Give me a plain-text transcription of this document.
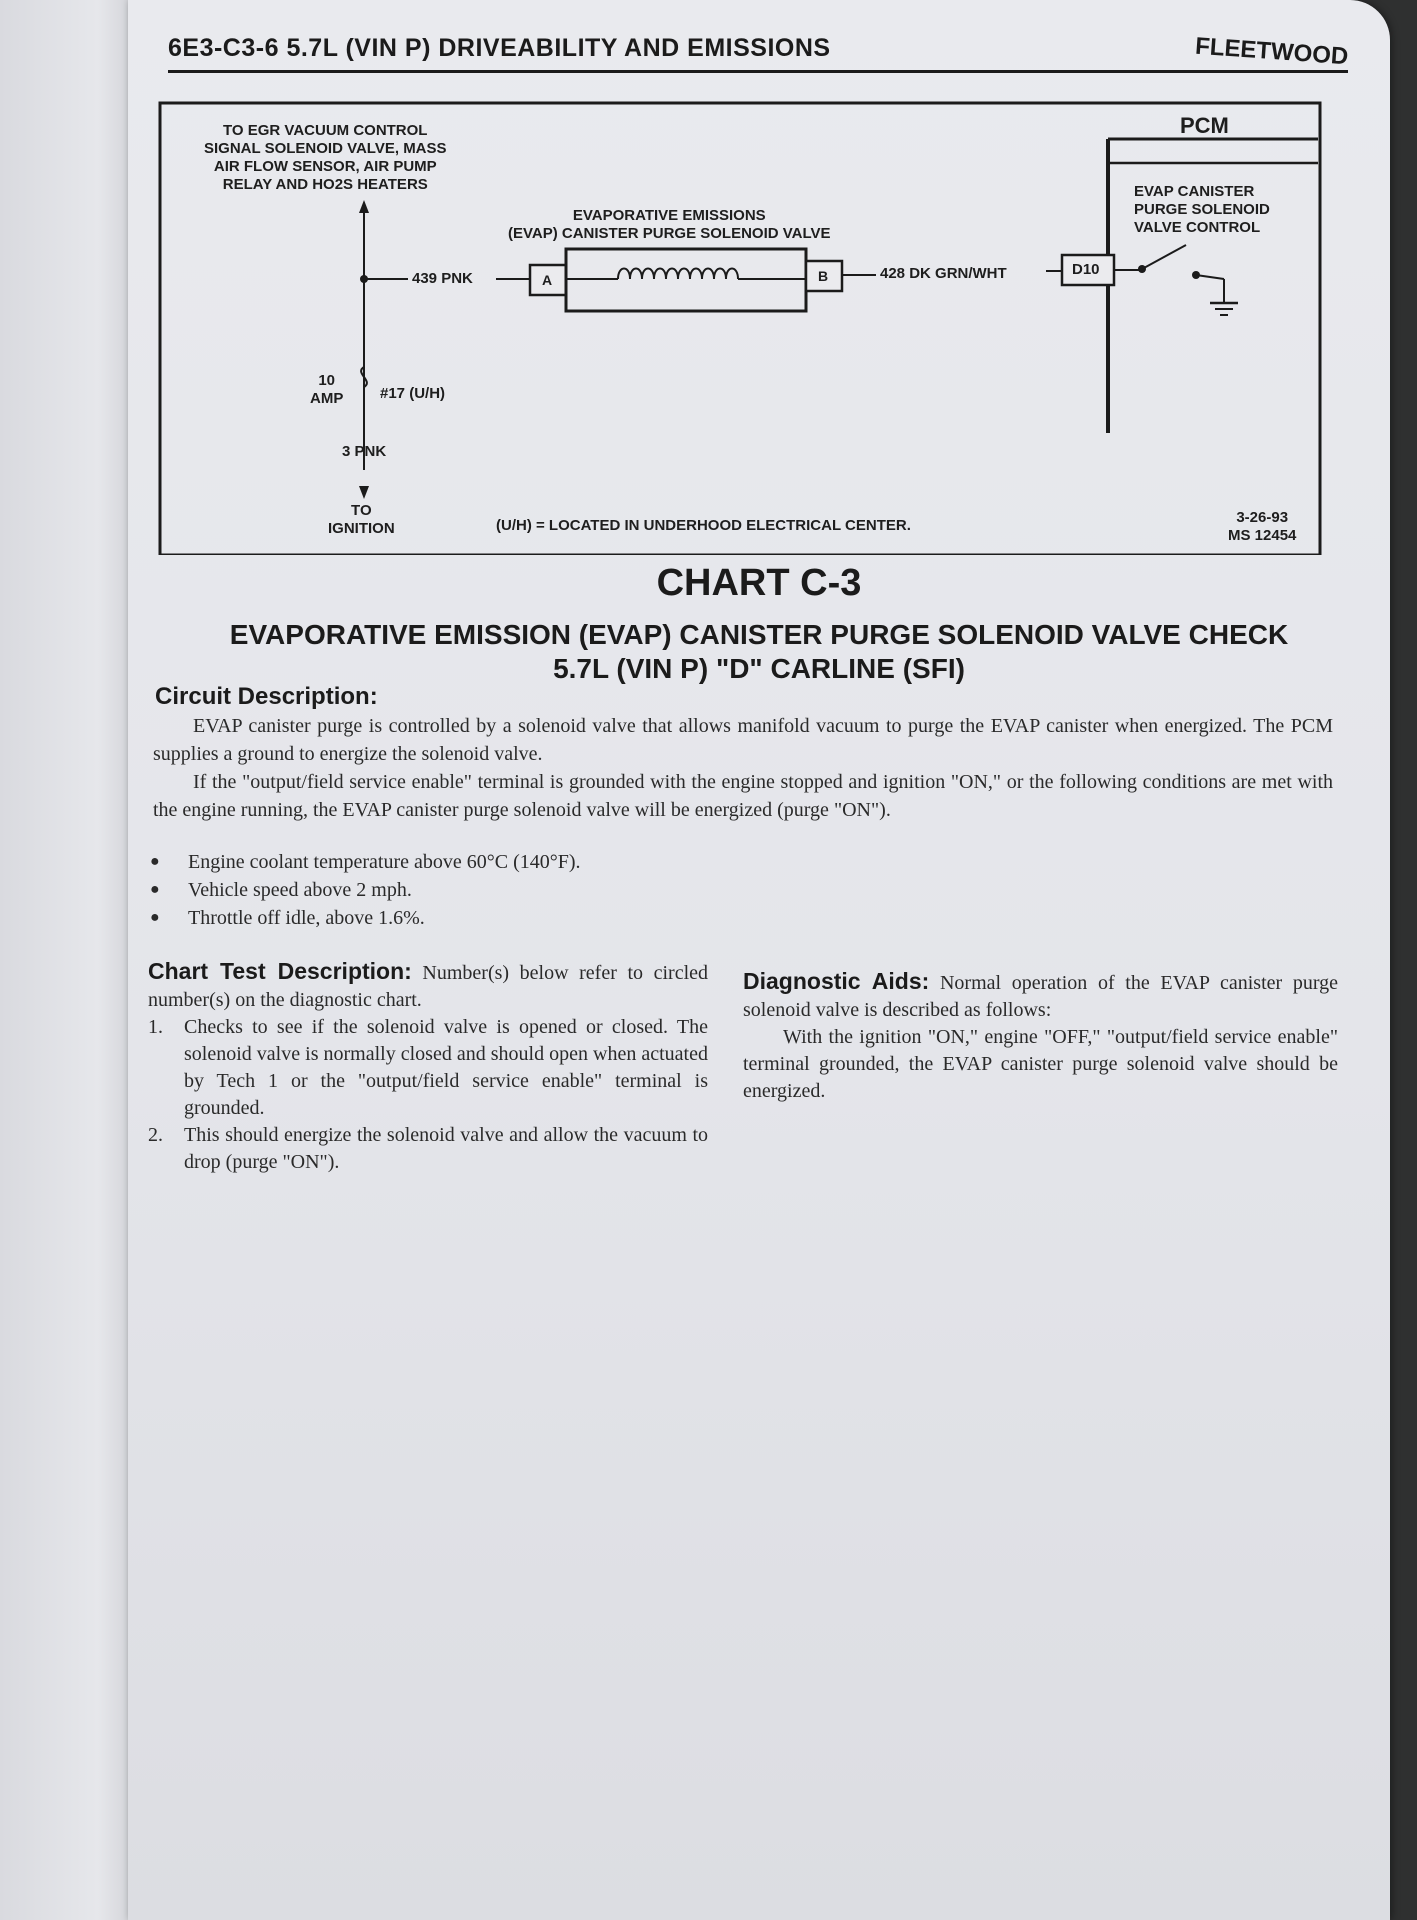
6E3-C3-6 5.7L (VIN P) DRIVEABILITY AND EMISSIONS	FLEETWOOD
TO EGR VACUUM CONTROL
SIGNAL SOLENOID VALVE, MASS
AIR FLOW SENSOR, AIR PUMP
RELAY AND HO2S HEATERS
EVAPORATIVE EMISSIONS
(EVAP) CANISTER PURGE SOLENOID VALVE
439 PNK	A	B	428 DK GRN/WHT	D10
PCM
EVAP CANISTER
PURGE SOLENOID
VALVE CONTROL
10
AMP #17 (U/H)
3 PNK
TO
IGNITION	(U/H) = LOCATED IN UNDERHOOD ELECTRICAL CENTER.	3-26-93
MS 12454
CHART C-3
EVAPORATIVE EMISSION (EVAP) CANISTER PURGE SOLENOID VALVE CHECK
5.7L (VIN P) "D" CARLINE (SFI)
Circuit Description:

EVAP canister purge is controlled by a solenoid valve that allows manifold vacuum to purge the EVAP canister when energized. The PCM supplies a ground to energize the solenoid valve.

If the "output/field service enable" terminal is grounded with the engine stopped and ignition "ON," or the following conditions are met with the engine running, the EVAP canister purge solenoid valve will be energized (purge "ON").

● Engine coolant temperature above 60°C (140°F).
● Vehicle speed above 2 mph.
● Throttle off idle, above 1.6%.
Chart Test Description: Number(s) below refer to circled number(s) on the diagnostic chart.
1. Checks to see if the solenoid valve is opened or closed. The solenoid valve is normally closed and should open when actuated by Tech 1 or the "output/field service enable" terminal is grounded.
2. This should energize the solenoid valve and allow the vacuum to drop (purge "ON").
Diagnostic Aids: Normal operation of the EVAP canister purge solenoid valve is described as follows:
With the ignition "ON," engine "OFF," "output/field service enable" terminal grounded, the EVAP canister purge solenoid valve should be energized.
